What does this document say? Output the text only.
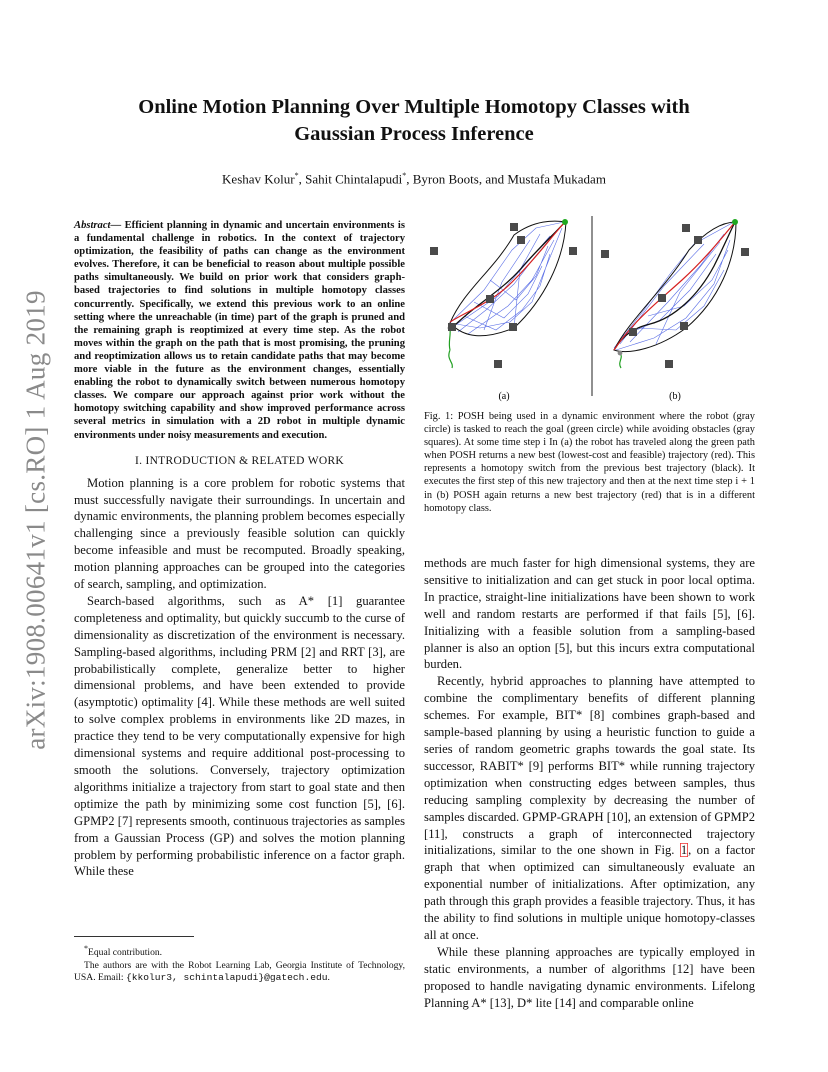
arXiv:1908.00641v1 [cs.RO] 1 Aug 2019
Online Motion Planning Over Multiple Homotopy Classes with
Gaussian Process Inference

Keshav Kolur*, Sahit Chintalapudi*, Byron Boots, and Mustafa Mukadam

Abstract— Efficient planning in dynamic and uncertain environments is a fundamental challenge in robotics. In the context of trajectory optimization, the feasibility of paths can change as the environment evolves. Therefore, it can be beneficial to reason about multiple possible paths simultaneously. We build on prior work that considers graph-based trajectories to find solutions in multiple homotopy classes concurrently. Specifically, we extend this previous work to an online setting where the unreachable (in time) part of the graph is pruned and the remaining graph is reoptimized at every time step. As the robot moves within the graph on the path that is most promising, the pruning and reoptimization allows us to retain candidate paths that may become more viable in the future as the environment changes, essentially enabling the robot to dynamically switch between numerous homotopy classes. We compare our approach against prior work without the homotopy switching capability and show improved performance across several metrics in simulation with a 2D robot in multiple dynamic environments under noisy measurements and execution.

I. INTRODUCTION & RELATED WORK

Motion planning is a core problem for robotic systems that must successfully navigate their surroundings. In uncertain and dynamic environments, the planning problem becomes especially challenging since a previously feasible solution can quickly become infeasible and must be recomputed. Broadly speaking, motion planning approaches can be grouped into the categories of search, sampling, and optimization.

Search-based algorithms, such as A* [1] guarantee completeness and optimality, but quickly succumb to the curse of dimensionality as discretization of the environment is necessary. Sampling-based algorithms, including PRM [2] and RRT [3], are probabilistically complete, generalize better to higher dimensional problems, and have been extended to provide (asymptotic) optimality [4]. While these methods are well suited to solve complex problems in environments like 2D mazes, in practice they tend to be very computationally expensive for high dimensional systems and require additional post-processing to smooth the solutions. Conversely, trajectory optimization algorithms initialize a trajectory from start to goal state and then optimize the path by minimizing some cost function [5], [6]. GPMP2 [7] represents smooth, continuous trajectories as samples from a Gaussian Process (GP) and solves the motion planning problem by performing probabilistic inference on a factor graph. While these

*Equal contribution.

The authors are with the Robot Learning Lab, Georgia Institute of Technology, USA. Email: {kkolur3, schintalapudi}@gatech.edu.

(a)	(b)

Fig. 1: POSH being used in a dynamic environment where the robot (gray circle) is tasked to reach the goal (green circle) while avoiding obstacles (gray squares). At some time step i In (a) the robot has traveled along the green path when POSH returns a new best (lowest-cost and feasible) trajectory (red). This represents a homotopy switch from the previous best trajectory (black). It executes the first step of this new trajectory and then at the next time step i + 1 in (b) POSH again returns a new best trajectory (red) that is in a different homotopy class.

methods are much faster for high dimensional systems, they are sensitive to initialization and can get stuck in poor local optima. In practice, straight-line initializations have been shown to work well and random restarts are performed if that fails [5], [6]. Initializing with a feasible solution from a sampling-based planner is also an option [5], but this incurs extra computational burden.

Recently, hybrid approaches to planning have attempted to combine the complimentary benefits of different planning schemes. For example, BIT* [8] combines graph-based and sample-based planning by using a heuristic function to guide a series of random geometric graphs towards the goal state. Its successor, RABIT* [9] performs BIT* while running trajectory optimization when constructing edges between samples, thus reducing sampling complexity by decreasing the number of samples discarded. GPMP-GRAPH [10], an extension of GPMP2 [11], constructs a graph of interconnected trajectory initializations, similar to the one shown in Fig. 1, on a factor graph that when optimized can simultaneously evaluate an exponential number of initializations. After optimization, any path through this graph provides a feasible trajectory. Thus, it has the ability to find solutions in multiple unique homotopy-classes all at once.

While these planning approaches are typically employed in static environments, a number of algorithms [12] have been proposed to handle navigating dynamic environments. Lifelong Planning A* [13], D* lite [14] and comparable online
